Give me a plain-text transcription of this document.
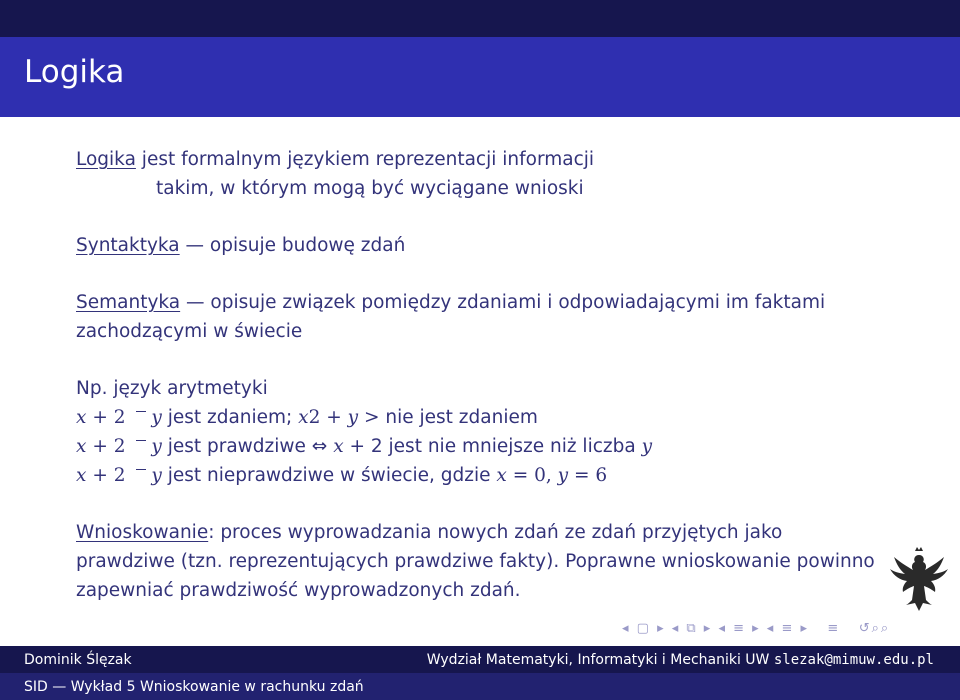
Logika

Logika jest formalnym językiem reprezentacji informacji

takim, w którym mogą być wyciągane wnioski

Syntaktyka — opisuje budowę zdań

Semantyka — opisuje związek pomiędzy zdaniami i odpowiadającymi im faktami

zachodzącymi w świecie

Np. język arytmetyki

x + 2 y jest zdaniem; x2 + y > nie jest zdaniem

x + 2 y jest prawdziwe ⇔ x + 2 jest nie mniejsze niż liczba y

x + 2 y jest nieprawdziwe w świecie, gdzie x = 0, y = 6

Wnioskowanie: proces wyprowadzania nowych zdań ze zdań przyjętych jako

prawdziwe (tzn. reprezentujących prawdziwe fakty). Poprawne wnioskowanie powinno

zapewniać prawdziwość wyprowadzonych zdań.

◂ ▢ ▸ ◂ ⧉ ▸ ◂ ≡ ▸ ◂ ≡ ▸   ≡   ↺⌕⌕
Dominik Ślęzak	Wydział Matematyki, Informatyki i Mechaniki UW slezak@mimuw.edu.pl
SID — Wykład 5 Wnioskowanie w rachunku zdań
